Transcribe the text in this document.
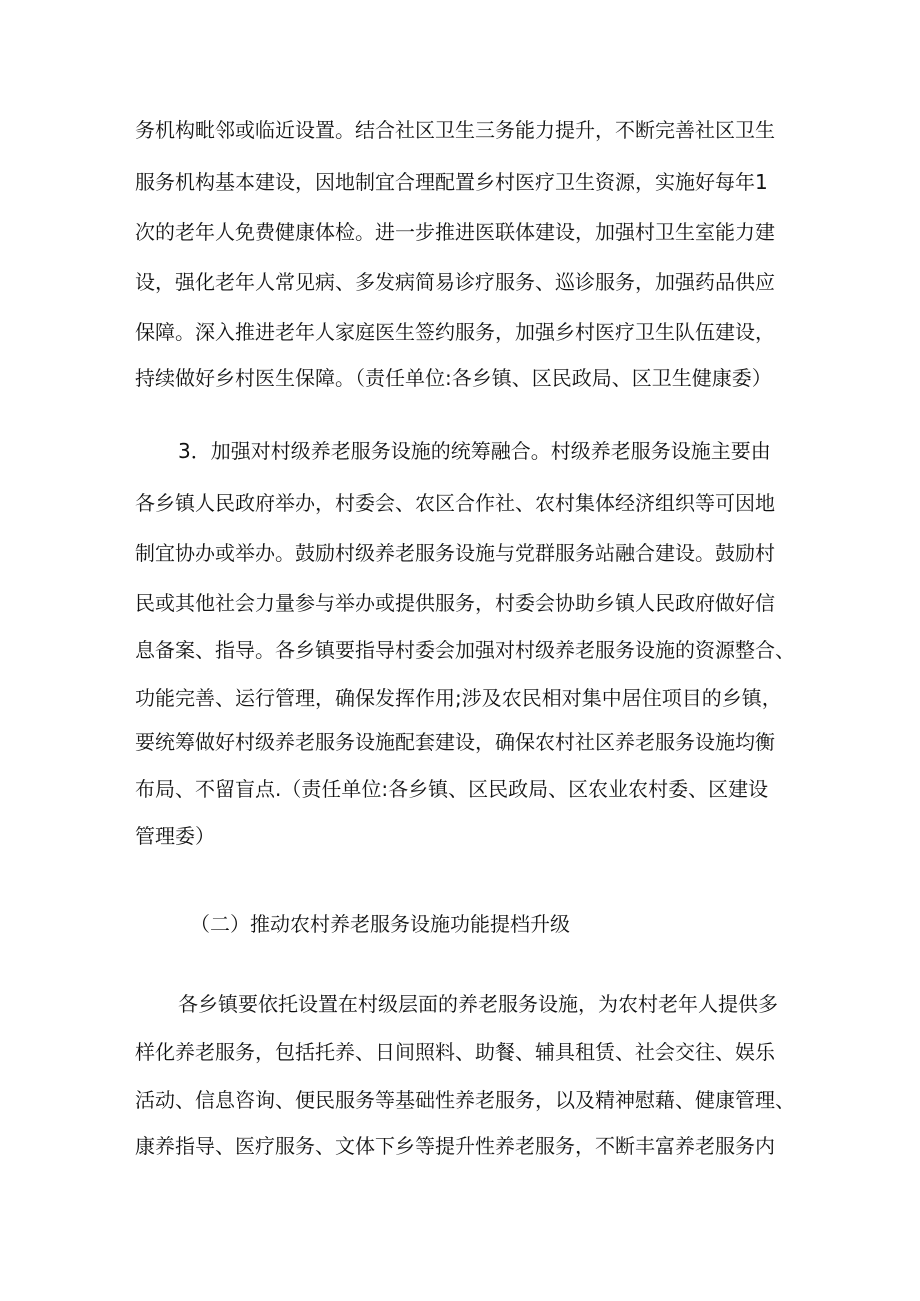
务机构毗邻或临近设置。结合社区卫生三务能力提升，不断完善社区卫生
服务机构基本建设，因地制宜合理配置乡村医疗卫生资源，实施好每年1
次的老年人免费健康体检。进一步推进医联体建设，加强村卫生室能力建
设，强化老年人常见病、多发病简易诊疗服务、巡诊服务，加强药品供应
保障。深入推进老年人家庭医生签约服务，加强乡村医疗卫生队伍建设，
持续做好乡村医生保障。（责任单位:各乡镇、区民政局、区卫生健康委）
3．加强对村级养老服务设施的统筹融合。村级养老服务设施主要由
各乡镇人民政府举办，村委会、农区合作社、农村集体经济组织等可因地
制宜协办或举办。鼓励村级养老服务设施与党群服务站融合建设。鼓励村
民或其他社会力量参与举办或提供服务，村委会协助乡镇人民政府做好信
息备案、指导。各乡镇要指导村委会加强对村级养老服务设施的资源整合、
功能完善、运行管理，确保发挥作用;涉及农民相对集中居住项目的乡镇，
要统筹做好村级养老服务设施配套建设，确保农村社区养老服务设施均衡
布局、不留盲点.（责任单位:各乡镇、区民政局、区农业农村委、区建设
管理委）
（二）推动农村养老服务设施功能提档升级
各乡镇要依托设置在村级层面的养老服务设施，为农村老年人提供多
样化养老服务，包括托养、日间照料、助餐、辅具租赁、社会交往、娱乐
活动、信息咨询、便民服务等基础性养老服务，以及精神慰藉、健康管理、
康养指导、医疗服务、文体下乡等提升性养老服务，不断丰富养老服务内
